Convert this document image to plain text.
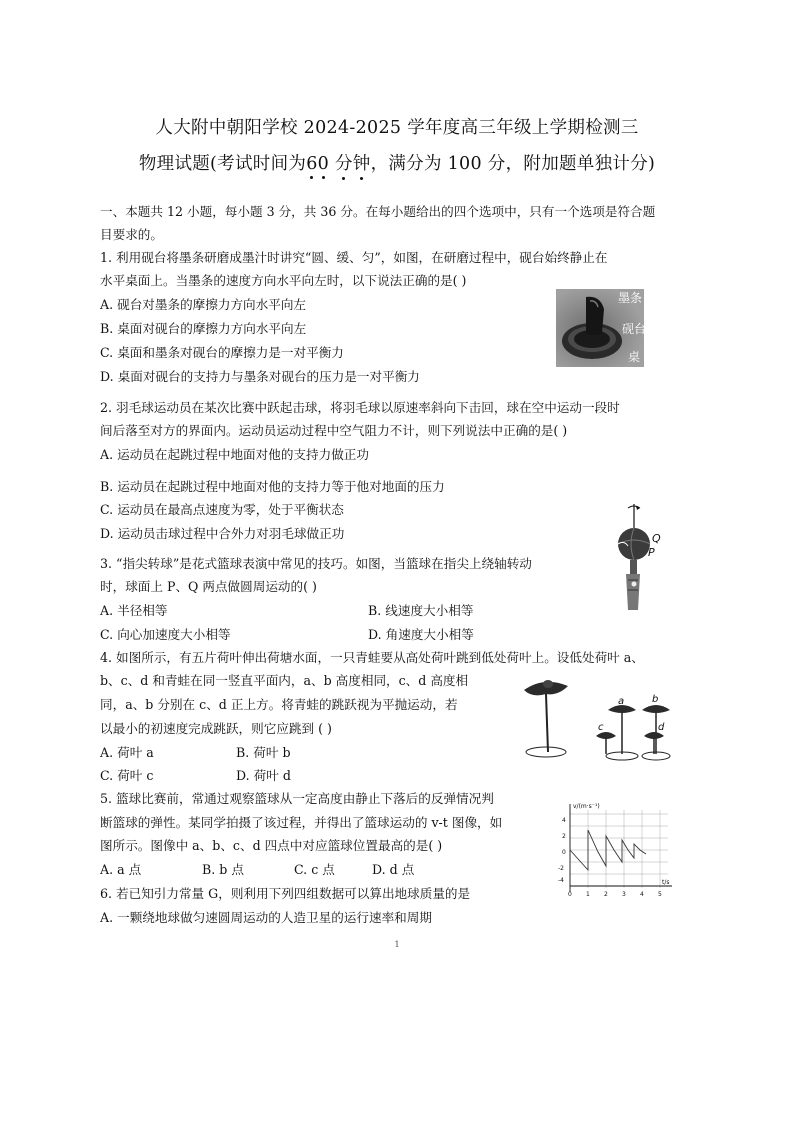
人大附中朝阳学校 2024-2025 学年度高三年级上学期检测三
物理试题(考试时间为60 分钟，满分为 100 分，附加题单独计分)
一、本题共 12 小题，每小题 3 分，共 36 分。在每小题给出的四个选项中，只有一个选项是符合题
目要求的。
1. 利用砚台将墨条研磨成墨汁时讲究“圆、缓、匀”，如图，在研磨过程中，砚台始终静止在
水平桌面上。当墨条的速度方向水平向左时，以下说法正确的是( )
A. 砚台对墨条的摩擦力方向水平向左
B. 桌面对砚台的摩擦力方向水平向左
C. 桌面和墨条对砚台的摩擦力是一对平衡力
D. 桌面对砚台的支持力与墨条对砚台的压力是一对平衡力
墨条
砚台
桌
2. 羽毛球运动员在某次比赛中跃起击球，将羽毛球以原速率斜向下击回，球在空中运动一段时
间后落至对方的界面内。运动员运动过程中空气阻力不计，则下列说法中正确的是( )
A. 运动员在起跳过程中地面对他的支持力做正功
B. 运动员在起跳过程中地面对他的支持力等于他对地面的压力
C. 运动员在最高点速度为零，处于平衡状态
D. 运动员击球过程中合外力对羽毛球做正功	Q
P
3. “指尖转球”是花式篮球表演中常见的技巧。如图，当篮球在指尖上绕轴转动
时，球面上 P、Q 两点做圆周运动的( )
A. 半径相等	B. 线速度大小相等
C. 向心加速度大小相等	D. 角速度大小相等
4. 如图所示，有五片荷叶伸出荷塘水面，一只青蛙要从高处荷叶跳到低处荷叶上。设低处荷叶 a、
b、c、d 和青蛙在同一竖直平面内，a、b 高度相同，c、d 高度相
同，a、b 分别在 c、d 正上方。将青蛙的跳跃视为平抛运动，若
以最小的初速度完成跳跃，则它应跳到 ( )
A. 荷叶 a	B. 荷叶 b
C. 荷叶 c	D. 荷叶 d
a	b
c	d
5. 篮球比赛前，常通过观察篮球从一定高度由静止下落后的反弹情况判
断篮球的弹性。某同学拍摄了该过程，并得出了篮球运动的 v-t 图像，如
图所示。图像中 a、b、c、d 四点中对应篮球位置最高的是( )
A. a 点	B. b 点	C. c 点	D. d 点
v/(m·s⁻¹)
t/s
4
2
0
-2
-4
0 1 2 3 4 5
6. 若已知引力常量 G，则利用下列四组数据可以算出地球质量的是
A. 一颗绕地球做匀速圆周运动的人造卫星的运行速率和周期
1
